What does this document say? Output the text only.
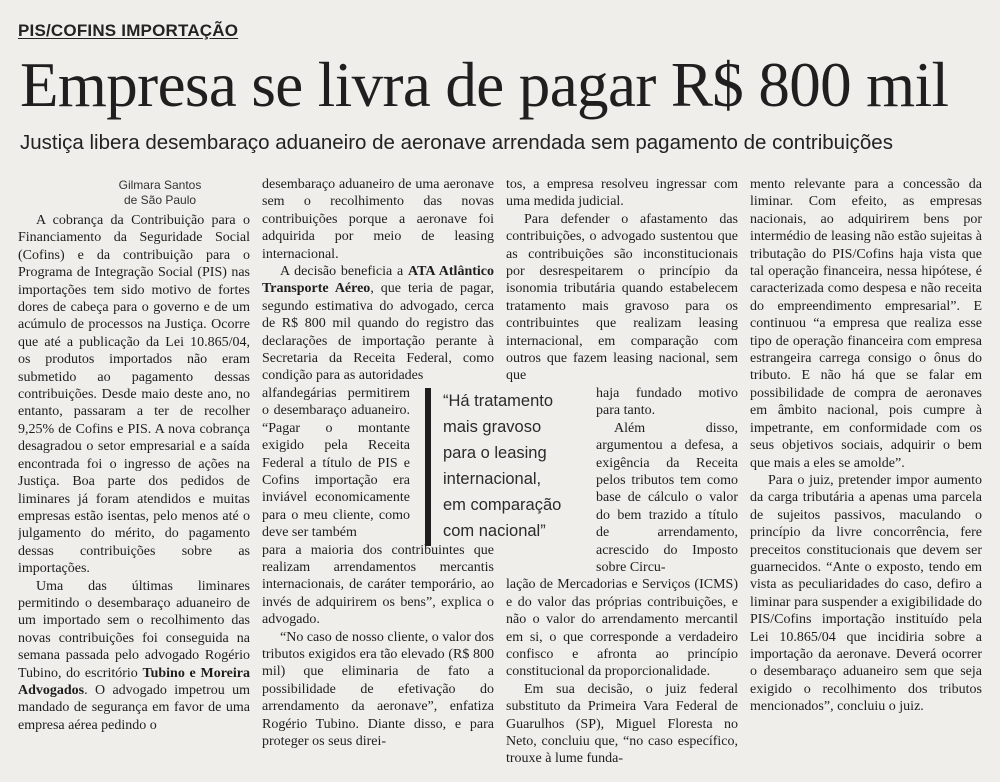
PIS/COFINS IMPORTAÇÃO
Empresa se livra de pagar R$ 800 mil
Justiça libera desembaraço aduaneiro de aeronave arrendada sem pagamento de contribuições
Gilmara Santos
de São Paulo

A cobrança da Contribuição para o Financiamento da Seguridade Social (Cofins) e da contribuição para o Programa de Integração Social (PIS) nas importações tem sido motivo de fortes dores de cabeça para o governo e de um acúmulo de processos na Justiça. Ocorre que até a publicação da Lei 10.865/04, os produtos importados não eram submetido ao pagamento dessas contribuições. Desde maio deste ano, no entanto, passaram a ter de recolher 9,25% de Cofins e PIS. A nova cobrança desagradou o setor empresarial e a saída encontrada foi o ingresso de ações na Justiça. Boa parte dos pedidos de liminares já foram atendidos e muitas empresas estão isentas, pelo menos até o julgamento do mérito, do pagamento dessas contribuições sobre as importações.

Uma das últimas liminares permitindo o desembaraço aduaneiro de um importado sem o recolhimento das novas contribuições foi conseguida na semana passada pelo advogado Rogério Tubino, do escritório Tubino e Moreira Advogados. O advogado impetrou um mandado de segurança em favor de uma empresa aérea pedindo o

desembaraço aduaneiro de uma aeronave sem o recolhimento das novas contribuições porque a aeronave foi adquirida por meio de leasing internacional.

A decisão beneficia a ATA Atlântico Transporte Aéreo, que teria de pagar, segundo estimativa do advogado, cerca de R$ 800 mil quando do registro das declarações de importação perante à Secretaria da Receita Federal, como condição para as autoridades

alfandegárias permitirem o desembaraço aduaneiro. “Pagar o montante exigido pela Receita Federal a título de PIS e Cofins importação era inviável economicamente para o meu cliente, como deve ser também

para a maioria dos contribuintes que realizam arrendamentos mercantis internacionais, de caráter temporário, ao invés de adquirirem os bens”, explica o advogado.

“No caso de nosso cliente, o valor dos tributos exigidos era tão elevado (R$ 800 mil) que eliminaria de fato a possibilidade de efetivação do arrendamento da aeronave”, enfatiza Rogério Tubino. Diante disso, e para proteger os seus direi-

tos, a empresa resolveu ingressar com uma medida judicial.

Para defender o afastamento das contribuições, o advogado sustentou que as contribuições são inconstitucionais por desrespeitarem o princípio da isonomia tributária quando estabelecem tratamento mais gravoso para os contribuintes que realizam leasing internacional, em comparação com outros que fazem leasing nacional, sem que

haja fundado motivo para tanto.

Além disso, argumentou a defesa, a exigência da Receita pelos tributos tem como base de cálculo o valor do bem trazido a título de arrendamento, acrescido do Imposto sobre Circu-

lação de Mercadorias e Serviços (ICMS) e do valor das próprias contribuições, e não o valor do arrendamento mercantil em si, o que corresponde a verdadeiro confisco e afronta ao princípio constitucional da proporcionalidade.

Em sua decisão, o juiz federal substituto da Primeira Vara Federal de Guarulhos (SP), Miguel Floresta no Neto, concluiu que, “no caso específico, trouxe à lume funda-

mento relevante para a concessão da liminar. Com efeito, as empresas nacionais, ao adquirirem bens por intermédio de leasing não estão sujeitas à tributação do PIS/Cofins haja vista que tal operação financeira, nessa hipótese, é caracterizada como despesa e não receita do empreendimento empresarial”. E continuou “a empresa que realiza esse tipo de operação financeira com empresa estrangeira carrega consigo o ônus do tributo. E não há que se falar em possibilidade de compra de aeronaves em âmbito nacional, pois cumpre à impetrante, em conformidade com os seus objetivos sociais, adquirir o bem que mais a eles se amolde”.

Para o juiz, pretender impor aumento da carga tributária a apenas uma parcela de sujeitos passivos, maculando o princípio da livre concorrência, fere preceitos constitucionais que devem ser guarnecidos. “Ante o exposto, tendo em vista as peculiaridades do caso, defiro a liminar para suspender a exigibilidade do PIS/Cofins importação instituído pela Lei 10.865/04 que incidiria sobre a importação da aeronave. Deverá ocorrer o desembaraço aduaneiro sem que seja exigido o recolhimento dos tributos mencionados”, concluiu o juiz.

“Há tratamento
mais gravoso
para o leasing
internacional,
em comparação
com nacional”
